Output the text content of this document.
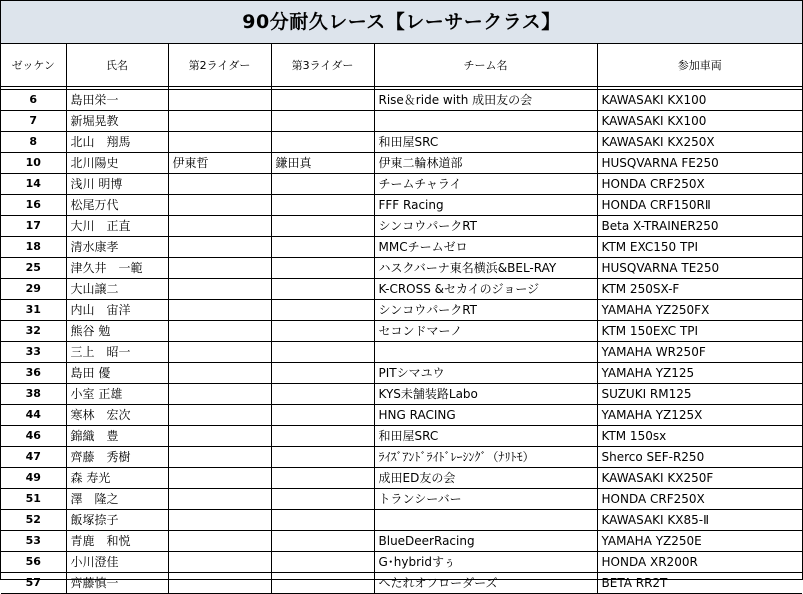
90分耐久レース【レーサークラス】
ゼッケン	氏名	第2ライダー	第3ライダー	チーム名	参加車両

6	島田栄一			Rise＆ride with 成田友の会	KAWASAKI KX100
7	新堀晃教				KAWASAKI KX100
8	北山　翔馬			和田屋SRC	KAWASAKI KX250X
10	北川陽史	伊東哲	鎌田真	伊東二輪林道部	HUSQVARNA FE250
14	浅川 明博			チームチャライ	HONDA CRF250X
16	松尾万代			FFF Racing	HONDA CRF150RⅡ
17	大川　正直			シンコウパークRT	Beta X-TRAINER250
18	清水康孝			MMCチームゼロ	KTM EXC150 TPI
25	津久井　一範			ハスクバーナ東名横浜&BEL-RAY	HUSQVARNA TE250
29	大山譲二			K-CROSS &セカイのジョージ	KTM 250SX-F
31	内山　宙洋			シンコウパークRT	YAMAHA YZ250FX
32	熊谷 勉			セコンドマーノ	KTM 150EXC TPI
33	三上　昭一				YAMAHA WR250F
36	島田 優			PITシマユウ	YAMAHA YZ125
38	小室 正雄			KYS未舗装路Labo	SUZUKI RM125
44	寒林　宏次			HNG RACING	YAMAHA YZ125X
46	錦織　豊			和田屋SRC	KTM 150sx
47	齊藤　秀樹			ﾗｲｽﾞｱﾝﾄﾞﾗｲﾄﾞﾚｰｼﾝｸﾞ（ﾅﾘﾄﾓ）	Sherco SEF-R250
49	森 寿光			成田ED友の会	KAWASAKI KX250F
51	澤　隆之			トランシーバー	HONDA CRF250X
52	飯塚捺子				KAWASAKI KX85-Ⅱ
53	青鹿　和悦			BlueDeerRacing	YAMAHA YZ250E
56	小川澄佳			G･hybridすぅ	HONDA XR200R
57	齊藤慎一			へたれオフローダーズ	BETA RR2T
